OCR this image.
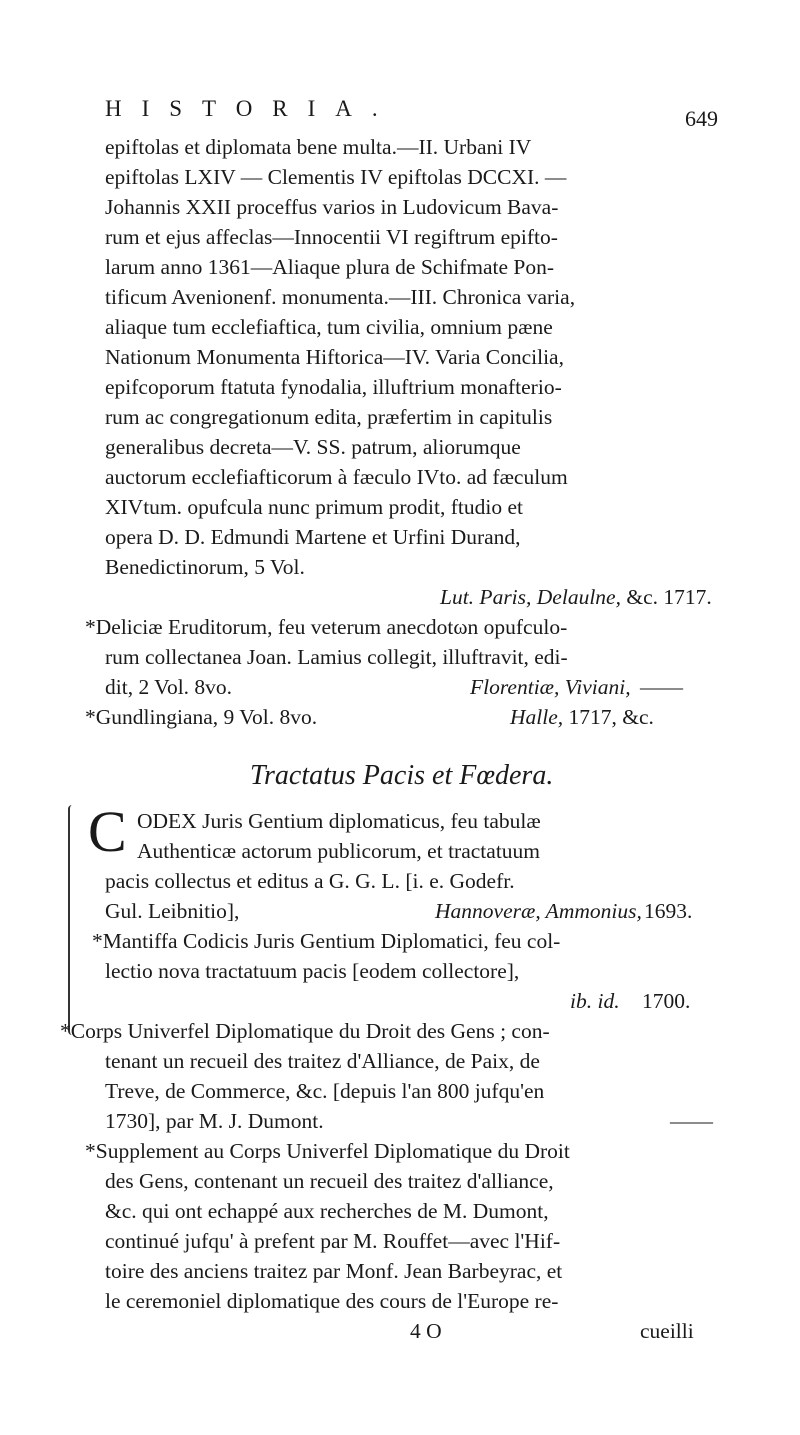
HISTORIA.	649
epiftolas et diplomata bene multa.—II. Urbani IV
epiftolas LXIV — Clementis IV epiftolas DCCXI. —
Johannis XXII proceffus varios in Ludovicum Bava-
rum et ejus affeclas—Innocentii VI regiftrum epifto-
larum anno 1361—Aliaque plura de Schifmate Pon-
tificum Avenionenf. monumenta.—III. Chronica varia,
aliaque tum ecclefiaftica, tum civilia, omnium pæne
Nationum Monumenta Hiftorica—IV. Varia Concilia,
epifcoporum ftatuta fynodalia, illuftrium monafterio-
rum ac congregationum edita, præfertim in capitulis
generalibus decreta—V. SS. patrum, aliorumque
auctorum ecclefiafticorum à fæculo IVto. ad fæculum
XIVtum. opufcula nunc primum prodit, ftudio et
opera D. D. Edmundi Martene et Urfini Durand,
Benedictinorum, 5 Vol.
Lut. Paris, Delaulne, &c. 1717.
*Deliciæ Eruditorum, feu veterum anecdotωn opufculo-
rum collectanea Joan. Lamius collegit, illuftravit, edi-
dit, 2 Vol. 8vo.	Florentiæ, Viviani, ——
*Gundlingiana, 9 Vol. 8vo.	Halle, 1717, &c.
Tractatus Pacis et Fœdera.
C ODEX Juris Gentium diplomaticus, feu tabulæ
Authenticæ actorum publicorum, et tractatuum
pacis collectus et editus a G. G. L. [i. e. Godefr.
Gul. Leibnitio],	Hannoveræ, Ammonius, 1693.
*Mantiffa Codicis Juris Gentium Diplomatici, feu col-
lectio nova tractatuum pacis [eodem collectore],
ib. id. 1700.
*Corps Univerfel Diplomatique du Droit des Gens ; con-
tenant un recueil des traitez d'Alliance, de Paix, de
Treve, de Commerce, &c. [depuis l'an 800 jufqu'en
1730], par M. J. Dumont.	——
*Supplement au Corps Univerfel Diplomatique du Droit
des Gens, contenant un recueil des traitez d'alliance,
&c. qui ont echappé aux recherches de M. Dumont,
continué jufqu' à prefent par M. Rouffet—avec l'Hif-
toire des anciens traitez par Monf. Jean Barbeyrac, et
le ceremoniel diplomatique des cours de l'Europe re-
4 O	cueilli
